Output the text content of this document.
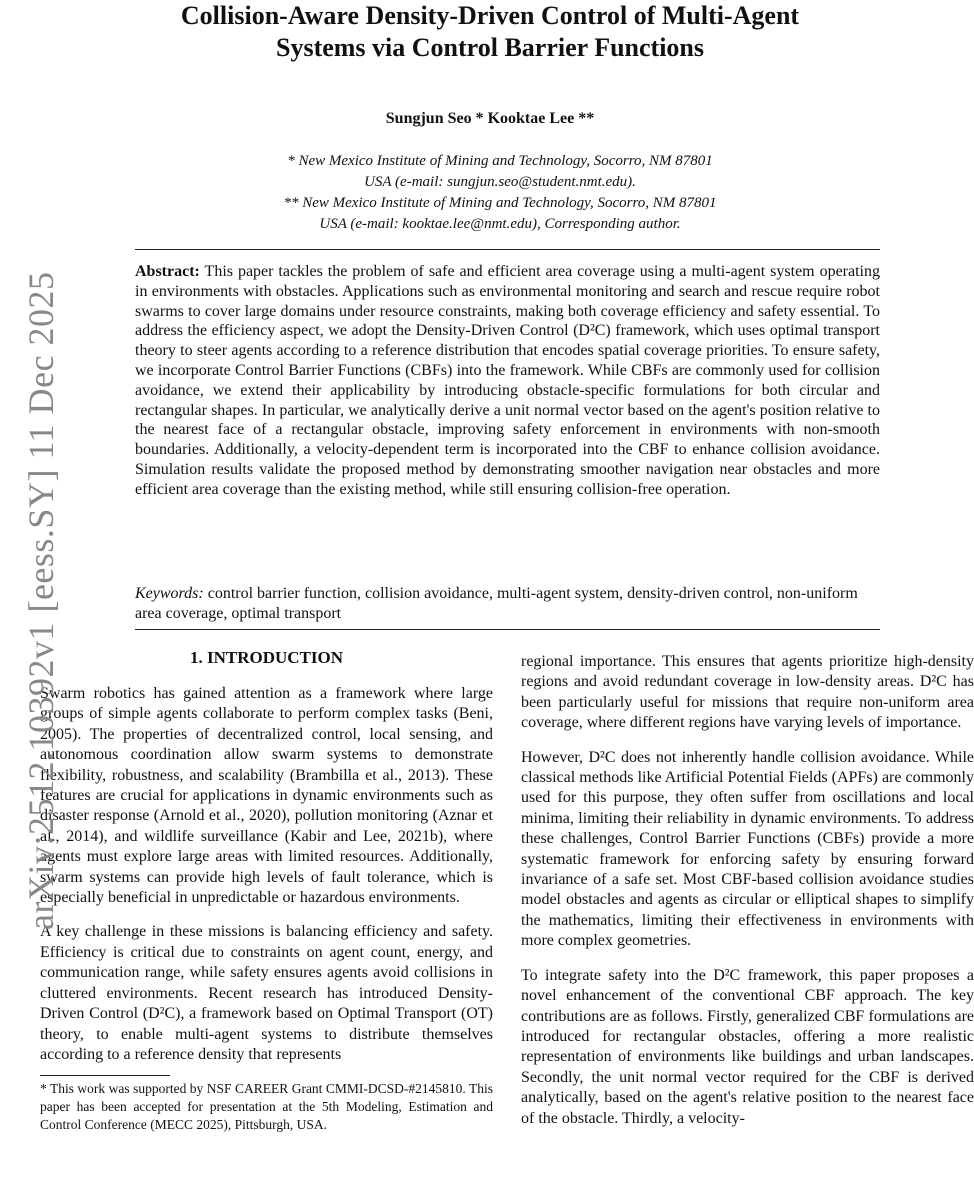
Collision-Aware Density-Driven Control of Multi-Agent Systems via Control Barrier Functions
Sungjun Seo * Kooktae Lee **
* New Mexico Institute of Mining and Technology, Socorro, NM 87801
USA (e-mail: sungjun.seo@student.nmt.edu).
** New Mexico Institute of Mining and Technology, Socorro, NM 87801
USA (e-mail: kooktae.lee@nmt.edu), Corresponding author.

Abstract: This paper tackles the problem of safe and efficient area coverage using a multi-agent system operating in environments with obstacles. Applications such as environmental monitoring and search and rescue require robot swarms to cover large domains under resource constraints, making both coverage efficiency and safety essential. To address the efficiency aspect, we adopt the Density-Driven Control (D²C) framework, which uses optimal transport theory to steer agents according to a reference distribution that encodes spatial coverage priorities. To ensure safety, we incorporate Control Barrier Functions (CBFs) into the framework. While CBFs are commonly used for collision avoidance, we extend their applicability by introducing obstacle-specific formulations for both circular and rectangular shapes. In particular, we analytically derive a unit normal vector based on the agent's position relative to the nearest face of a rectangular obstacle, improving safety enforcement in environments with non-smooth boundaries. Additionally, a velocity-dependent term is incorporated into the CBF to enhance collision avoidance. Simulation results validate the proposed method by demonstrating smoother navigation near obstacles and more efficient area coverage than the existing method, while still ensuring collision-free operation.

Keywords: control barrier function, collision avoidance, multi-agent system, density-driven control, non-uniform area coverage, optimal transport

1. INTRODUCTION

Swarm robotics has gained attention as a framework where large groups of simple agents collaborate to perform complex tasks (Beni, 2005). The properties of decentralized control, local sensing, and autonomous coordination allow swarm systems to demonstrate flexibility, robustness, and scalability (Brambilla et al., 2013). These features are crucial for applications in dynamic environments such as disaster response (Arnold et al., 2020), pollution monitoring (Aznar et al., 2014), and wildlife surveillance (Kabir and Lee, 2021b), where agents must explore large areas with limited resources. Additionally, swarm systems can provide high levels of fault tolerance, which is especially beneficial in unpredictable or hazardous environments.

A key challenge in these missions is balancing efficiency and safety. Efficiency is critical due to constraints on agent count, energy, and communication range, while safety ensures agents avoid collisions in cluttered environments. Recent research has introduced Density-Driven Control (D²C), a framework based on Optimal Transport (OT) theory, to enable multi-agent systems to distribute themselves according to a reference density that represents

* This work was supported by NSF CAREER Grant CMMI-DCSD-#2145810. This paper has been accepted for presentation at the 5th Modeling, Estimation and Control Conference (MECC 2025), Pittsburgh, USA.

regional importance. This ensures that agents prioritize high-density regions and avoid redundant coverage in low-density areas. D²C has been particularly useful for missions that require non-uniform area coverage, where different regions have varying levels of importance.

However, D²C does not inherently handle collision avoidance. While classical methods like Artificial Potential Fields (APFs) are commonly used for this purpose, they often suffer from oscillations and local minima, limiting their reliability in dynamic environments. To address these challenges, Control Barrier Functions (CBFs) provide a more systematic framework for enforcing safety by ensuring forward invariance of a safe set. Most CBF-based collision avoidance studies model obstacles and agents as circular or elliptical shapes to simplify the mathematics, limiting their effectiveness in environments with more complex geometries.

To integrate safety into the D²C framework, this paper proposes a novel enhancement of the conventional CBF approach. The key contributions are as follows. Firstly, generalized CBF formulations are introduced for rectangular obstacles, offering a more realistic representation of environments like buildings and urban landscapes. Secondly, the unit normal vector required for the CBF is derived analytically, based on the agent's relative position to the nearest face of the obstacle. Thirdly, a velocity-

arXiv:2512.10392v1 [eess.SY] 11 Dec 2025
